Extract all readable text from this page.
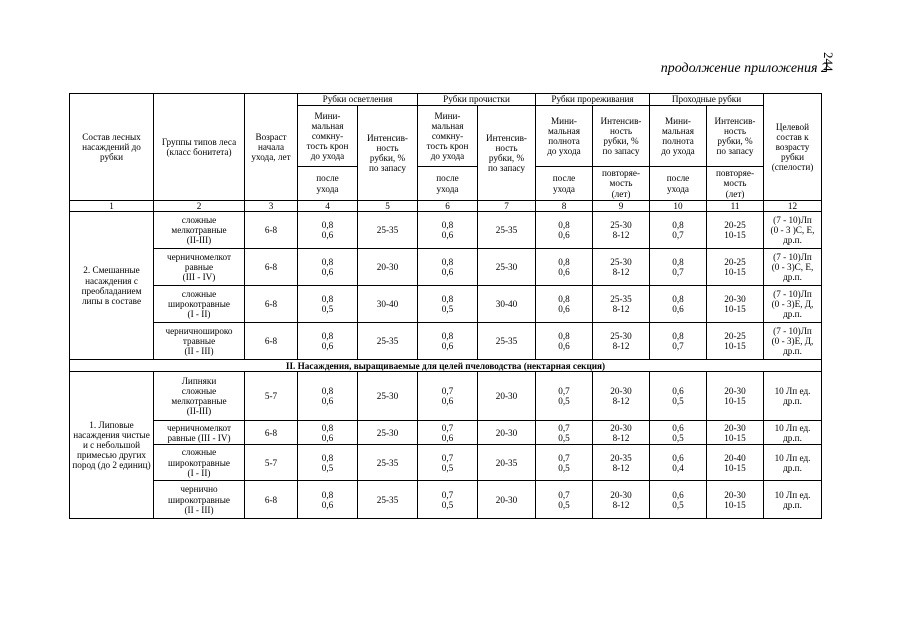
244
продолжение приложения 2
Состав лесных насаждений до рубки	Группы типов леса (класс бонитета)	Возраст начала ухода, лет	Рубки осветления		Рубки прочистки		Рубки прореживания		Проходные рубки		Целевой состав к возрасту рубки (спелости)
			Мини-
мальная
сомкну-
тость крон
до ухода	Интенсив-
ность
рубки, %
по запасу	Мини-
мальная
сомкну-
тость крон
до ухода	Интенсив-
ность
рубки, %
по запасу	Мини-
мальная
полнота
до ухода	Интенсив-
ность
рубки, %
по запасу	Мини-
мальная
полнота
до ухода	Интенсив-
ность
рубки, %
по запасу	
			после
ухода		после
ухода		после
ухода	повторяе-
мость
(лет)	после
ухода	повторяе-
мость
(лет)	
1	2	3	4	5	6	7	8	9	10	11	12
2. Смешанные насаждения с преобладанием липы в составе	сложные
мелкотравные
(II-III)	6-8	0,8
0,6	25-35	0,8
0,6	25-35	0,8
0,6	25-30
8-12	0,8
0,7	20-25
10-15	(7 - 10)Лп
(0 - 3 )С, Е,
др.п.
	черничномелкот
равные
(III - IV)	6-8	0,8
0,6	20-30	0,8
0,6	25-30	0,8
0,6	25-30
8-12	0,8
0,7	20-25
10-15	(7 - 10)Лп
(0 - 3)С, Е,
др.п.
	сложные
широкотравные
(I - II)	6-8	0,8
0,5	30-40	0,8
0,5	30-40	0,8
0,6	25-35
8-12	0,8
0,6	20-30
10-15	(7 - 10)Лп
(0 - 3)Е, Д,
др.п.
	черничношироко
травные
(II - III)	6-8	0,8
0,6	25-35	0,8
0,6	25-35	0,8
0,6	25-30
8-12	0,8
0,7	20-25
10-15	(7 - 10)Лп
(0 - 3)Е, Д,
др.п.
II. Насаждения, выращиваемые для целей пчеловодства (нектарная секция)											
1. Липовые насаждения чистые и с небольшой примесью других пород (до 2 единиц)	Липняки
сложные
мелкотравные
(II-III)	5-7	0,8
0,6	25-30	0,7
0,6	20-30	0,7
0,5	20-30
8-12	0,6
0,5	20-30
10-15	10 Лп ед.
др.п.
	черничномелкот
равные (III - IV)	6-8	0,8
0,6	25-30	0,7
0,6	20-30	0,7
0,5	20-30
8-12	0,6
0,5	20-30
10-15	10 Лп ед.
др.п.
	сложные
широкотравные
(I - II)	5-7	0,8
0,5	25-35	0,7
0,5	20-35	0,7
0,5	20-35
8-12	0,6
0,4	20-40
10-15	10 Лп ед.
др.п.
	чернично
широкотравные
(II - III)	6-8	0,8
0,6	25-35	0,7
0,5	20-30	0,7
0,5	20-30
8-12	0,6
0,5	20-30
10-15	10 Лп ед.
др.п.
